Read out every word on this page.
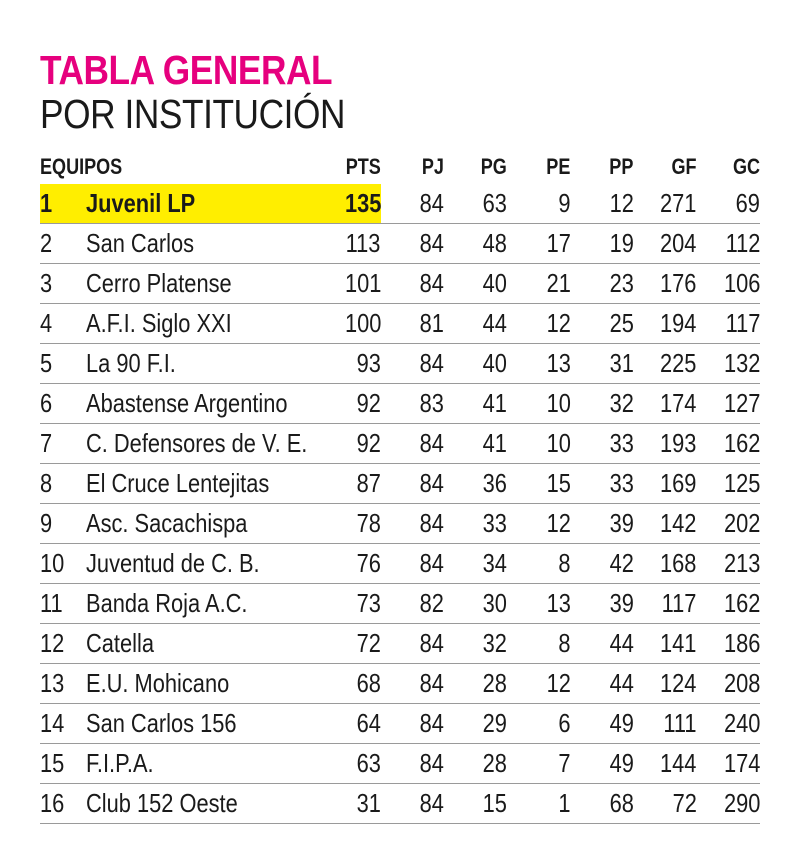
TABLA GENERAL
POR INSTITUCIÓN
EQUIPOS		PTS	PJ	PG	PE	PP	GF	GC
1	Juvenil LP	135	84	63	9	12	271	69
2	San Carlos	113	84	48	17	19	204	112
3	Cerro Platense	101	84	40	21	23	176	106
4	A.F.I. Siglo XXI	100	81	44	12	25	194	117
5	La 90 F.I.	93	84	40	13	31	225	132
6	Abastense Argentino	92	83	41	10	32	174	127
7	C. Defensores de V. E.	92	84	41	10	33	193	162
8	El Cruce Lentejitas	87	84	36	15	33	169	125
9	Asc. Sacachispa	78	84	33	12	39	142	202
10	Juventud de C. B.	76	84	34	8	42	168	213
11	Banda Roja A.C.	73	82	30	13	39	117	162
12	Catella	72	84	32	8	44	141	186
13	E.U. Mohicano	68	84	28	12	44	124	208
14	San Carlos 156	64	84	29	6	49	111	240
15	F.I.P.A.	63	84	28	7	49	144	174
16	Club 152 Oeste	31	84	15	1	68	72	290
